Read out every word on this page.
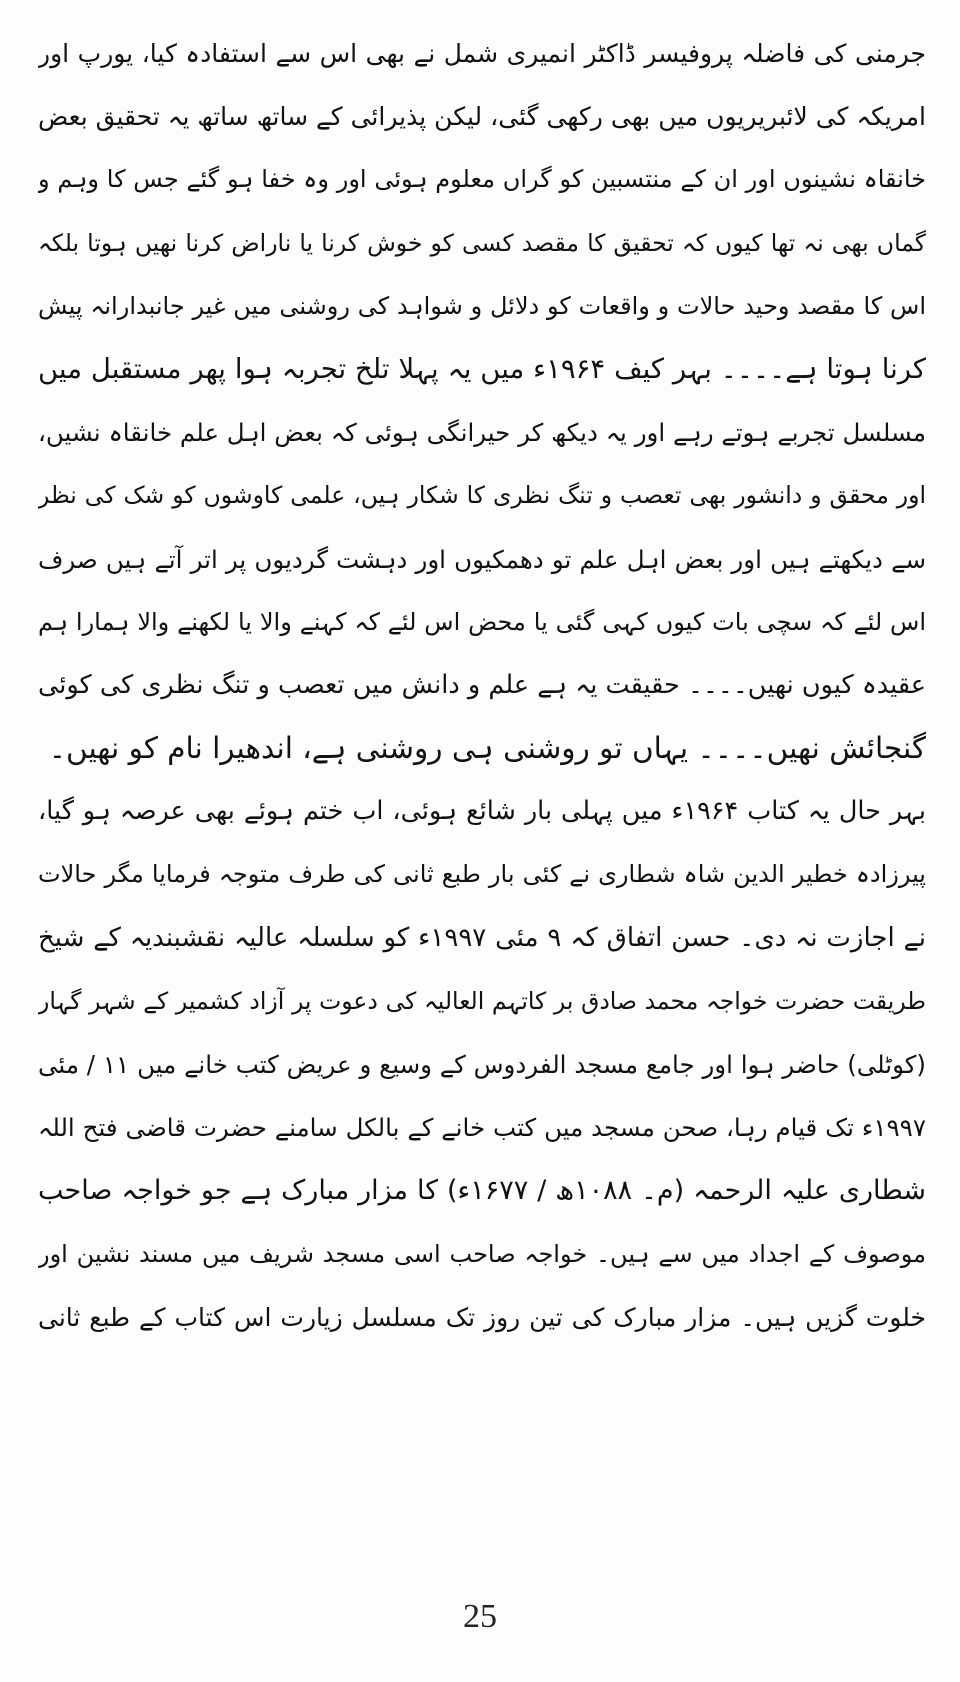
جرمنی کی فاضلہ پروفیسر ڈاکٹر انمیری شمل نے بھی اس سے استفادہ کیا، یورپ اور
امریکہ کی لائبریریوں میں بھی رکھی گئی، لیکن پذیرائی کے ساتھ ساتھ یہ تحقیق بعض
خانقاہ نشینوں اور ان کے منتسبین کو گراں معلوم ہوئی اور وہ خفا ہو گئے جس کا وہم و
گماں بھی نہ تھا کیوں کہ تحقیق کا مقصد کسی کو خوش کرنا یا ناراض کرنا نھیں ہوتا بلکہ
اس کا مقصد وحید حالات و واقعات کو دلائل و شواہد کی روشنی میں غیر جانبدارانہ پیش
کرنا ہوتا ہے۔۔۔۔ بہر کیف ۱۹۶۴ء میں یہ پہلا تلخ تجربہ ہوا پھر مستقبل میں
مسلسل تجربے ہوتے رہے اور یہ دیکھ کر حیرانگی ہوئی کہ بعض اہل علم خانقاہ نشیں،
اور محقق و دانشور بھی تعصب و تنگ نظری کا شکار ہیں، علمی کاوشوں کو شک کی نظر
سے دیکھتے ہیں اور بعض اہل علم تو دھمکیوں اور دہشت گردیوں پر اتر آتے ہیں صرف
اس لئے کہ سچی بات کیوں کہی گئی یا محض اس لئے کہ کہنے والا یا لکھنے والا ہمارا ہم
عقیدہ کیوں نھیں۔۔۔۔ حقیقت یہ ہے علم و دانش میں تعصب و تنگ نظری کی کوئی
گنجائش نھیں۔۔۔۔ یہاں تو روشنی ہی روشنی ہے، اندھیرا نام کو نھیں۔
بہر حال یہ کتاب ۱۹۶۴ء میں پہلی بار شائع ہوئی، اب ختم ہوئے بھی عرصہ ہو گیا،
پیرزادہ خطیر الدین شاہ شطاری نے کئی بار طبع ثانی کی طرف متوجہ فرمایا مگر حالات
نے اجازت نہ دی۔ حسن اتفاق کہ ۹ مئی ۱۹۹۷ء کو سلسلہ عالیہ نقشبندیہ کے شیخ
طریقت حضرت خواجہ محمد صادق بر کاتہم العالیہ کی دعوت پر آزاد کشمیر کے شہر گہار
(کوٹلی) حاضر ہوا اور جامع مسجد الفردوس کے وسیع و عریض کتب خانے میں ۱۱ / مئی
۱۹۹۷ء تک قیام رہا، صحن مسجد میں کتب خانے کے بالکل سامنے حضرت قاضی فتح اللہ
شطاری علیہ الرحمہ (م۔ ۱۰۸۸ھ / ۱۶۷۷ء) کا مزار مبارک ہے جو خواجہ صاحب
موصوف کے اجداد میں سے ہیں۔ خواجہ صاحب اسی مسجد شریف میں مسند نشین اور
خلوت گزیں ہیں۔ مزار مبارک کی تین روز تک مسلسل زیارت اس کتاب کے طبع ثانی
25
